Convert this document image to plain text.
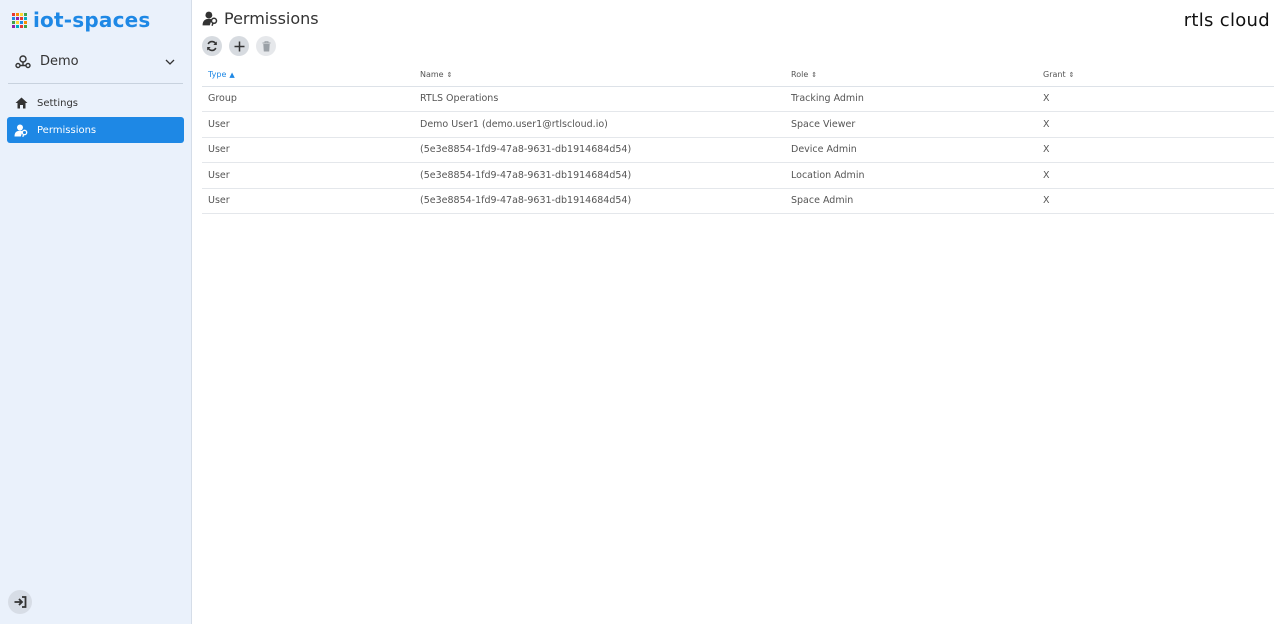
iot-spaces
Demo
Settings
Permissions
Permissions	rtls cloud
Type ▲	Name ⇕	Role ⇕	Grant ⇕
Group	RTLS Operations	Tracking Admin	X
User	Demo User1 (demo.user1@rtlscloud.io)	Space Viewer	X
User	(5e3e8854-1fd9-47a8-9631-db1914684d54)	Device Admin	X
User	(5e3e8854-1fd9-47a8-9631-db1914684d54)	Location Admin	X
User	(5e3e8854-1fd9-47a8-9631-db1914684d54)	Space Admin	X
